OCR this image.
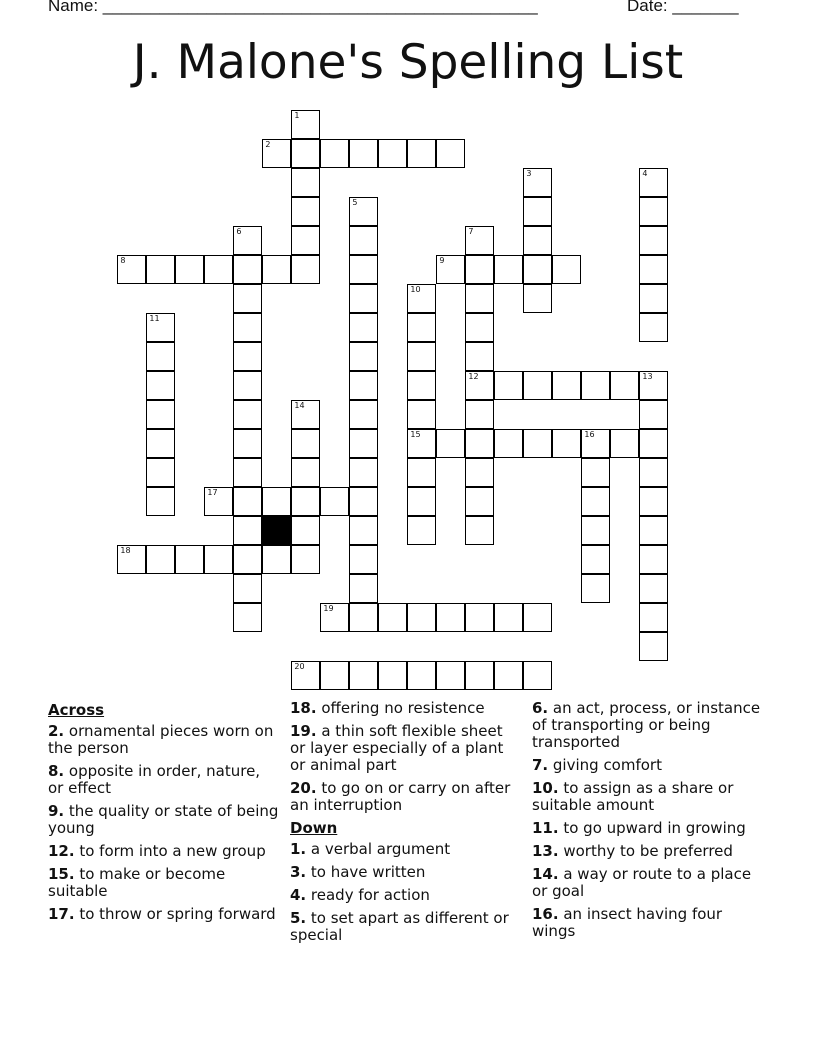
Name: ______________________________________________	Date: _______
J. Malone's Spelling List
1
2
3	4
5
6	7
12
8	9
10
15
11
13
14
16
17
18
19
20
Across
2. ornamental pieces worn on the person
8. opposite in order, nature, or effect
9. the quality or state of being young
12. to form into a new group
15. to make or become suitable
17. to throw or spring forward
18. offering no resistence
19. a thin soft flexible sheet or layer especially of a plant or animal part
20. to go on or carry on after an interruption
Down
1. a verbal argument
3. to have written
4. ready for action
5. to set apart as different or special
6. an act, process, or instance of transporting or being transported
7. giving comfort
10. to assign as a share or suitable amount
11. to go upward in growing
13. worthy to be preferred
14. a way or route to a place or goal
16. an insect having four wings
